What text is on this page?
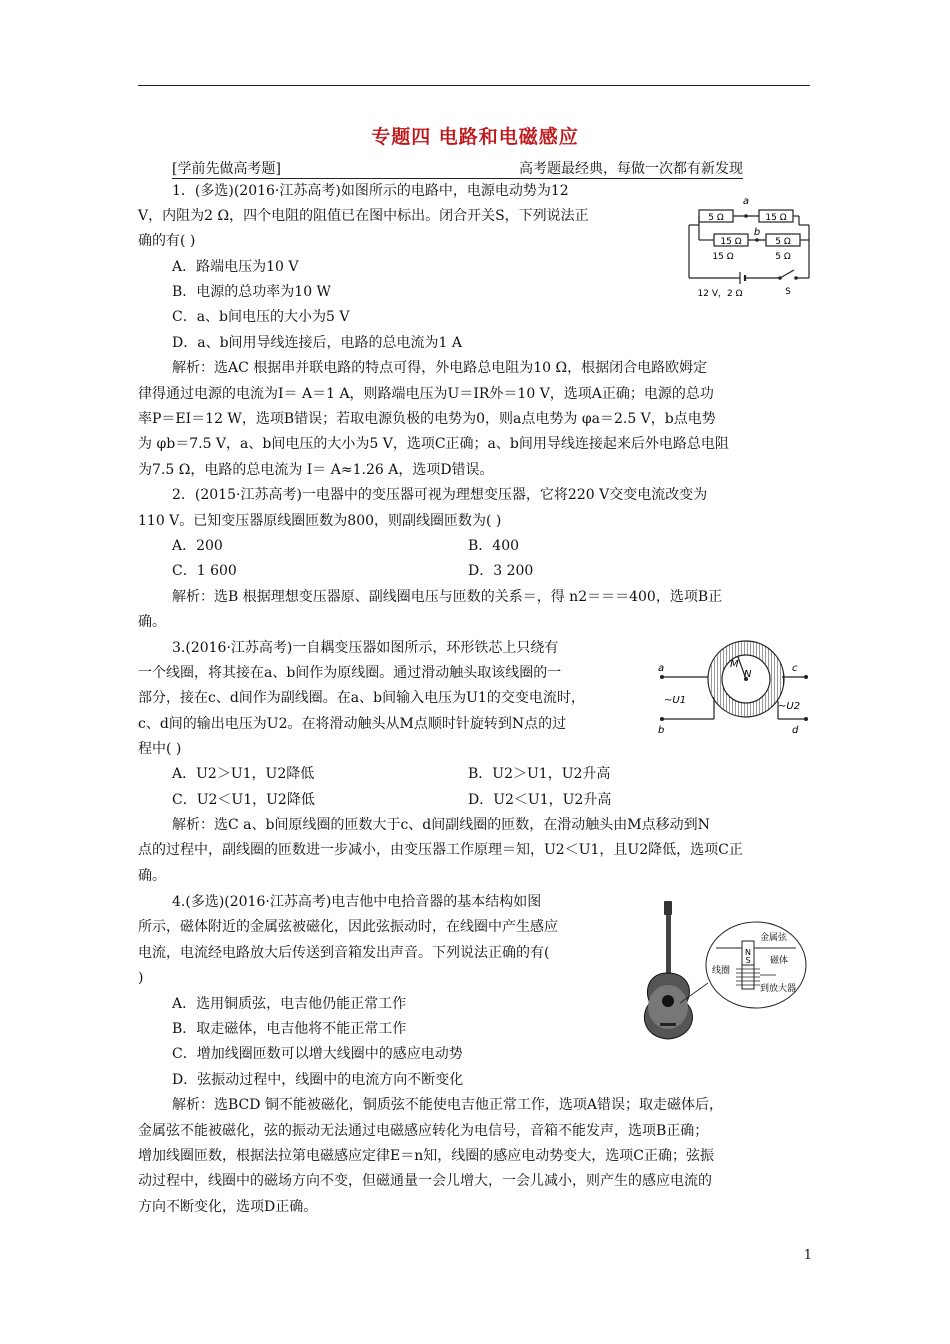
专题四 电路和电磁感应
[学前先做高考题]	高考题最经典，每做一次都有新发现
1．(多选)(2016·江苏高考)如图所示的电路中，电源电动势为12
V，内阻为2 Ω，四个电阻的阻值已在图中标出。闭合开关S，下列说法正
确的有( )
A．路端电压为10 V
B．电源的总功率为10 W
C．a、b间电压的大小为5 V
D．a、b间用导线连接后，电路的总电流为1 A
解析：选AC 根据串并联电路的特点可得，外电路总电阻为10 Ω，根据闭合电路欧姆定
律得通过电源的电流为I＝ A＝1 A，则路端电压为U＝IR外＝10 V，选项A正确；电源的总功
率P＝EI＝12 W，选项B错误；若取电源负极的电势为0，则a点电势为 φa＝2.5 V，b点电势
为 φb＝7.5 V，a、b间电压的大小为5 V，选项C正确；a、b间用导线连接起来后外电路总电阻
为7.5 Ω，电路的总电流为 I＝ A≈1.26 A，选项D错误。
5 Ω	15 Ω
15 Ω	5 Ω
15 Ω	5 Ω
a
b
12 V，2 Ω	S
2．(2015·江苏高考)一电器中的变压器可视为理想变压器，它将220 V交变电流改变为
110 V。已知变压器原线圈匝数为800，则副线圈匝数为( )
A．200	B．400
C．1 600	D．3 200
解析：选B 根据理想变压器原、副线圈电压与匝数的关系＝，得 n2＝＝＝400，选项B正
确。
3.(2016·江苏高考)一自耦变压器如图所示，环形铁芯上只绕有
一个线圈，将其接在a、b间作为原线圈。通过滑动触头取该线圈的一
部分，接在c、d间作为副线圈。在a、b间输入电压为U1的交变电流时，
c、d间的输出电压为U2。在将滑动触头从M点顺时针旋转到N点的过
程中( )
A．U2＞U1，U2降低	B．U2＞U1，U2升高
C．U2＜U1，U2降低	D．U2＜U1，U2升高
解析：选C a、b间原线圈的匝数大于c、d间副线圈的匝数，在滑动触头由M点移动到N
点的过程中，副线圈的匝数进一步减小，由变压器工作原理＝知，U2＜U1，且U2降低，选项C正
确。
a
b
c
d
M
N
~U1
~U2
4.(多选)(2016·江苏高考)电吉他中电拾音器的基本结构如图
所示，磁体附近的金属弦被磁化，因此弦振动时，在线圈中产生感应
电流，电流经电路放大后传送到音箱发出声音。下列说法正确的有(
)
A．选用铜质弦，电吉他仍能正常工作
B．取走磁体，电吉他将不能正常工作
C．增加线圈匝数可以增大线圈中的感应电动势
D．弦振动过程中，线圈中的电流方向不断变化
解析：选BCD 铜不能被磁化，铜质弦不能使电吉他正常工作，选项A错误；取走磁体后，
金属弦不能被磁化，弦的振动无法通过电磁感应转化为电信号，音箱不能发声，选项B正确；
增加线圈匝数，根据法拉第电磁感应定律E＝n知，线圈的感应电动势变大，选项C正确；弦振
动过程中，线圈中的磁场方向不变，但磁通量一会儿增大，一会儿减小，则产生的感应电流的
方向不断变化，选项D正确。
N
S
金属弦
磁体
线圈
到放大器
1
